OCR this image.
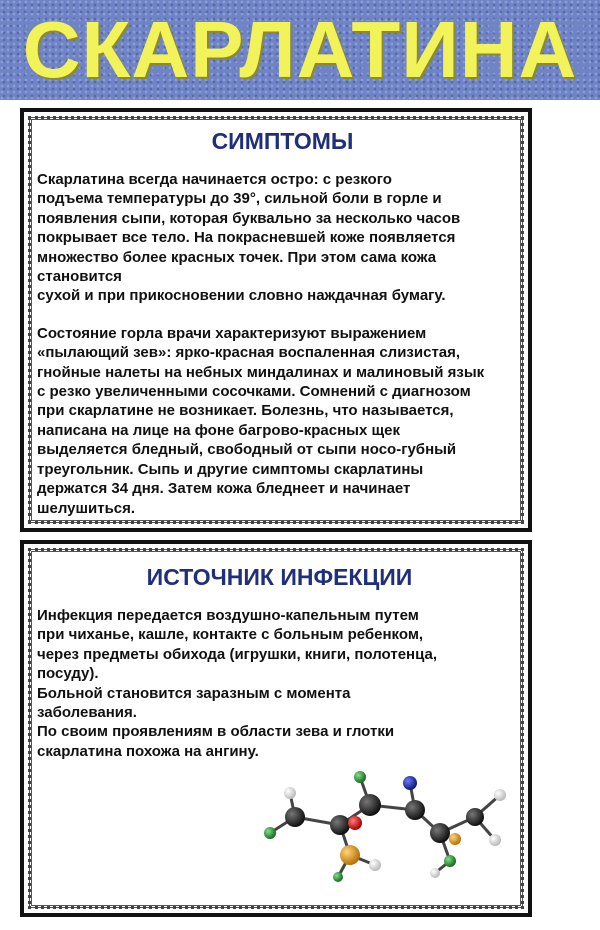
СКАРЛАТИНА
СИМПТОМЫ

Скарлатина всегда начинается остро: с резкого
подъема температуры до 39°, сильной боли в горле и
появления сыпи, которая буквально за несколько часов
покрывает все тело. На покрасневшей коже появляется
множество более красных точек. При этом сама кожа
становится
сухой и при прикосновении словно наждачная бумагу.

Состояние горла врачи характеризуют выражением
«пылающий зев»: ярко-красная воспаленная слизистая,
гнойные налеты на небных миндалинах и малиновый язык
с резко увеличенными сосочками. Сомнений с диагнозом
при скарлатине не возникает. Болезнь, что называется,
написана на лице на фоне багрово-красных щек
выделяется бледный, свободный от сыпи носо-губный
треугольник. Сыпь и другие симптомы скарлатины
держатся 34 дня. Затем кожа бледнеет и начинает
шелушиться.

ИСТОЧНИК ИНФЕКЦИИ

Инфекция передается воздушно-капельным путем
при чиханье, кашле, контакте с больным ребенком,
через предметы обихода (игрушки, книги, полотенца,
посуду).
Больной становится заразным с момента
заболевания.
По своим проявлениям в области зева и глотки
скарлатина похожа на ангину.
